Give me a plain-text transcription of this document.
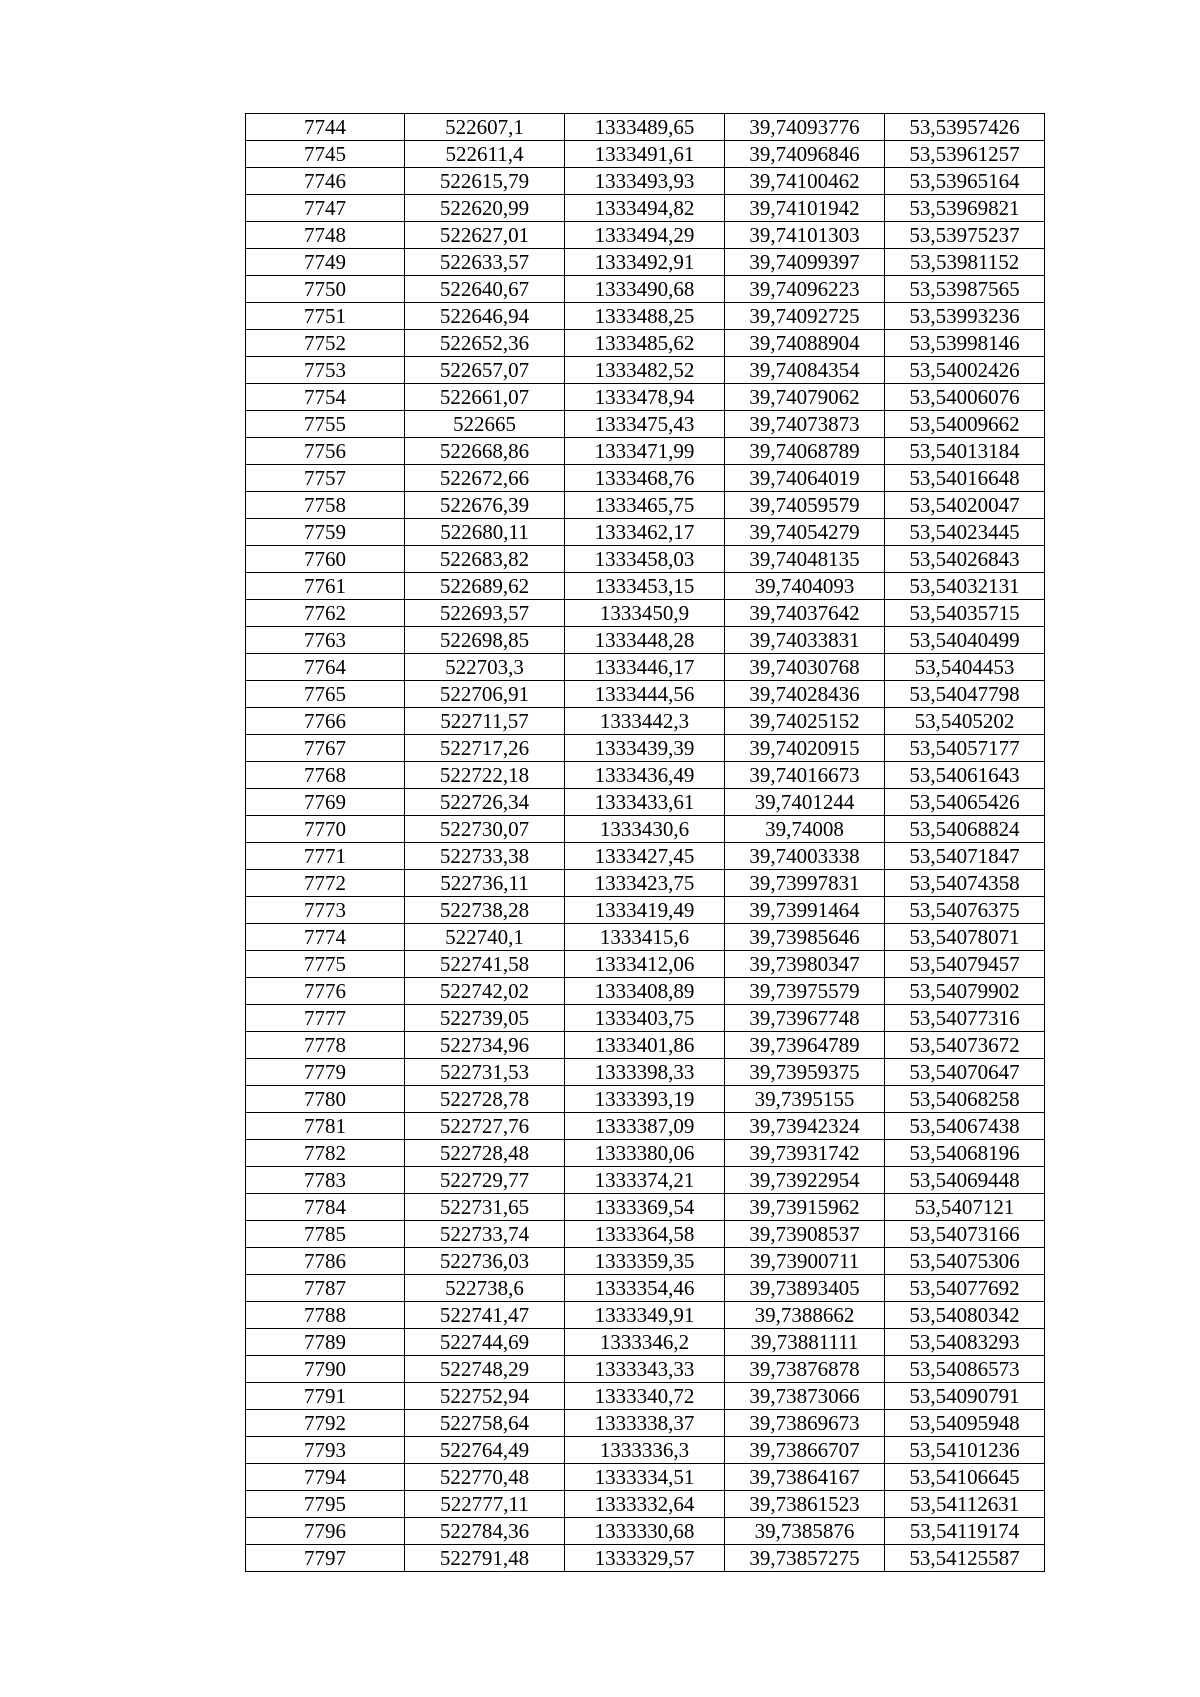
7744	522607,1	1333489,65	39,74093776	53,53957426
7745	522611,4	1333491,61	39,74096846	53,53961257
7746	522615,79	1333493,93	39,74100462	53,53965164
7747	522620,99	1333494,82	39,74101942	53,53969821
7748	522627,01	1333494,29	39,74101303	53,53975237
7749	522633,57	1333492,91	39,74099397	53,53981152
7750	522640,67	1333490,68	39,74096223	53,53987565
7751	522646,94	1333488,25	39,74092725	53,53993236
7752	522652,36	1333485,62	39,74088904	53,53998146
7753	522657,07	1333482,52	39,74084354	53,54002426
7754	522661,07	1333478,94	39,74079062	53,54006076
7755	522665	1333475,43	39,74073873	53,54009662
7756	522668,86	1333471,99	39,74068789	53,54013184
7757	522672,66	1333468,76	39,74064019	53,54016648
7758	522676,39	1333465,75	39,74059579	53,54020047
7759	522680,11	1333462,17	39,74054279	53,54023445
7760	522683,82	1333458,03	39,74048135	53,54026843
7761	522689,62	1333453,15	39,7404093	53,54032131
7762	522693,57	1333450,9	39,74037642	53,54035715
7763	522698,85	1333448,28	39,74033831	53,54040499
7764	522703,3	1333446,17	39,74030768	53,5404453
7765	522706,91	1333444,56	39,74028436	53,54047798
7766	522711,57	1333442,3	39,74025152	53,5405202
7767	522717,26	1333439,39	39,74020915	53,54057177
7768	522722,18	1333436,49	39,74016673	53,54061643
7769	522726,34	1333433,61	39,7401244	53,54065426
7770	522730,07	1333430,6	39,74008	53,54068824
7771	522733,38	1333427,45	39,74003338	53,54071847
7772	522736,11	1333423,75	39,73997831	53,54074358
7773	522738,28	1333419,49	39,73991464	53,54076375
7774	522740,1	1333415,6	39,73985646	53,54078071
7775	522741,58	1333412,06	39,73980347	53,54079457
7776	522742,02	1333408,89	39,73975579	53,54079902
7777	522739,05	1333403,75	39,73967748	53,54077316
7778	522734,96	1333401,86	39,73964789	53,54073672
7779	522731,53	1333398,33	39,73959375	53,54070647
7780	522728,78	1333393,19	39,7395155	53,54068258
7781	522727,76	1333387,09	39,73942324	53,54067438
7782	522728,48	1333380,06	39,73931742	53,54068196
7783	522729,77	1333374,21	39,73922954	53,54069448
7784	522731,65	1333369,54	39,73915962	53,5407121
7785	522733,74	1333364,58	39,73908537	53,54073166
7786	522736,03	1333359,35	39,73900711	53,54075306
7787	522738,6	1333354,46	39,73893405	53,54077692
7788	522741,47	1333349,91	39,7388662	53,54080342
7789	522744,69	1333346,2	39,73881111	53,54083293
7790	522748,29	1333343,33	39,73876878	53,54086573
7791	522752,94	1333340,72	39,73873066	53,54090791
7792	522758,64	1333338,37	39,73869673	53,54095948
7793	522764,49	1333336,3	39,73866707	53,54101236
7794	522770,48	1333334,51	39,73864167	53,54106645
7795	522777,11	1333332,64	39,73861523	53,54112631
7796	522784,36	1333330,68	39,7385876	53,54119174
7797	522791,48	1333329,57	39,73857275	53,54125587
